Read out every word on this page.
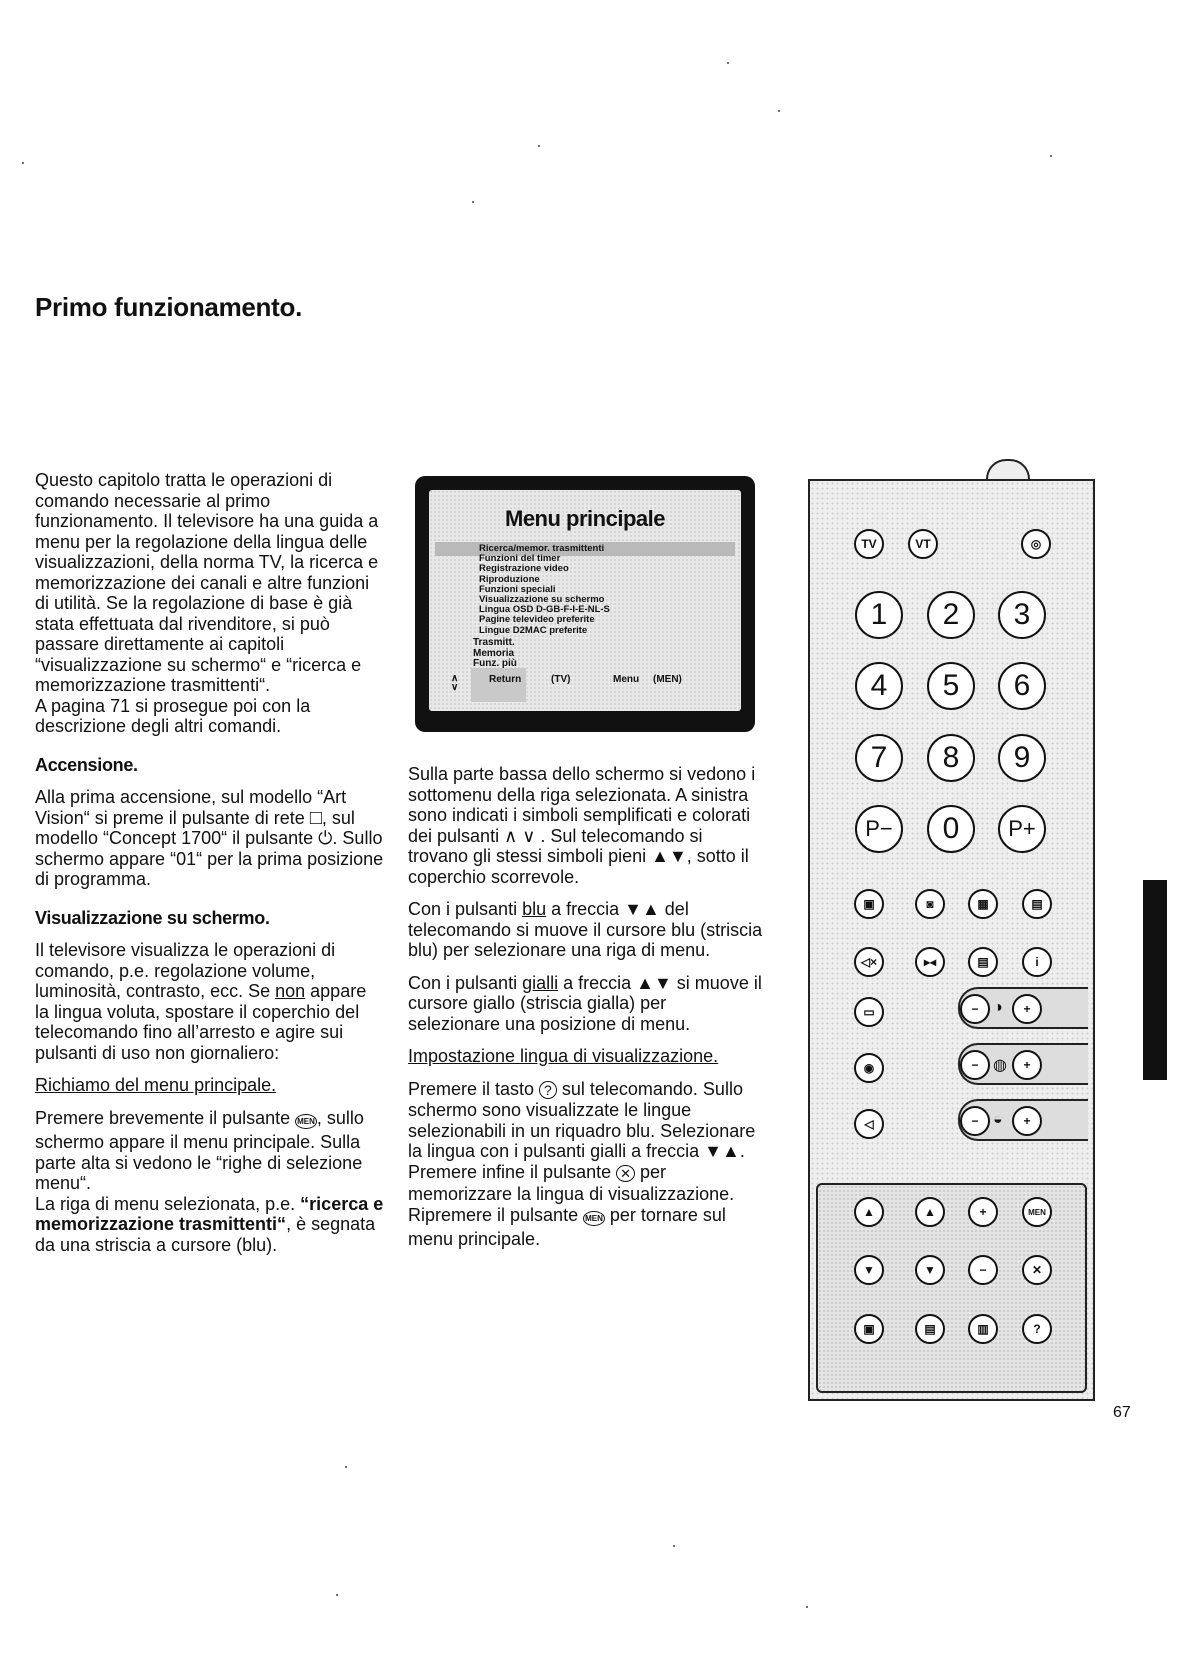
Primo funzionamento.

Questo capitolo tratta le operazioni di comando necessarie al primo funzionamento. Il televisore ha una guida a menu per la regolazione della lingua delle visualizzazioni, della norma TV, la ricerca e memorizzazione dei canali e altre funzioni di utilità. Se la regolazione di base è già stata effettuata dal rivenditore, si può passare direttamente ai capitoli “visualizzazione su schermo“ e “ricerca e memorizzazione trasmittenti“.
A pagina 71 si prosegue poi con la descrizione degli altri comandi.

Accensione.

Alla prima accensione, sul modello “Art Vision“ si preme il pulsante di rete □, sul modello “Concept 1700“ il pulsante ⏻. Sullo schermo appare “01“ per la prima posizione di programma.

Visualizzazione su schermo.

Il televisore visualizza le operazioni di comando, p.e. regolazione volume, luminosità, contrasto, ecc. Se non appare la lingua voluta, spostare il coperchio del telecomando fino all’arresto e agire sui pulsanti di uso non giornaliero:

Richiamo del menu principale.

Premere brevemente il pulsante MEN , sullo schermo appare il menu principale. Sulla parte alta si vedono le “righe di selezione menu“.
La riga di menu selezionata, p.e. “ricerca e memorizzazione trasmittenti“, è segnata da una striscia a cursore (blu).

Menu principale
Ricerca/memor. trasmittenti
Funzioni del timer
Registrazione video
Riproduzione
Funzioni speciali
Visualizzazione su schermo
Lingua OSD D-GB-F-I-E-NL-S
Pagine televideo preferite
Lingue D2MAC preferite
Trasmitt.
Memoria
Funz. più
∧
∨
Return	(TV)	Menu (MEN)

Sulla parte bassa dello schermo si vedono i sottomenu della riga selezionata. A sinistra sono indicati i simboli semplificati e colorati dei pulsanti ∧ ∨ . Sul telecomando si trovano gli stessi simboli pieni ▲▼, sotto il coperchio scorrevole.

Con i pulsanti blu a freccia ▼▲ del telecomando si muove il cursore blu (striscia blu) per selezionare una riga di menu.

Con i pulsanti gialli a freccia ▲▼ si muove il cursore giallo (striscia gialla) per selezionare una posizione di menu.

Impostazione lingua di visualizzazione.

Premere il tasto ? sul telecomando. Sullo schermo sono visualizzate le lingue selezionabili in un riquadro blu. Selezionare la lingua con i pulsanti gialli a freccia ▼▲.
Premere infine il pulsante ✕ per memorizzare la lingua di visualizzazione. Ripremere il pulsante MEN per tornare sul menu principale.

TV	VT	◎
1	2	3
4	5	6
7	8	9
P−	0	P+
▣	◙	▦	▤
◁×	▸◂	▤	i
▭
◉
◁
− ◑	+
− ◍	+
− ◒	+
▲	▲	+	MEN
▼	▼	−	✕
▣	▤	▥	?
67
